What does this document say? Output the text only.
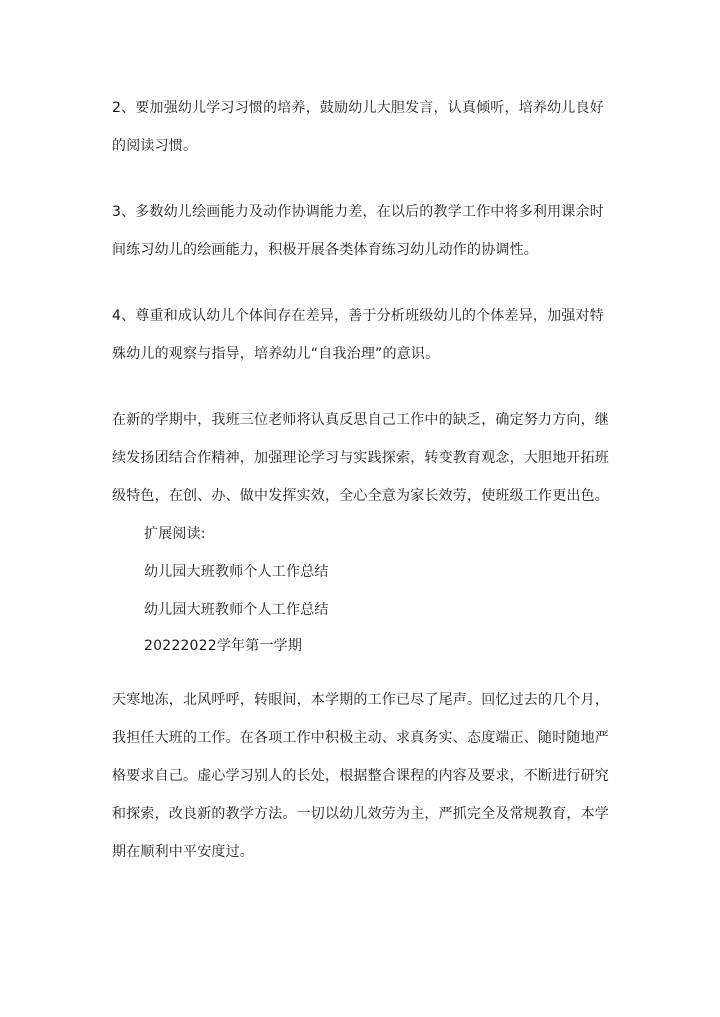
2、要加强幼儿学习习惯的培养，鼓励幼儿大胆发言，认真倾听，培养幼儿良好
的阅读习惯。
3、多数幼儿绘画能力及动作协调能力差，在以后的教学工作中将多利用课余时
间练习幼儿的绘画能力，积极开展各类体育练习幼儿动作的协调性。
4、尊重和成认幼儿个体间存在差异，善于分析班级幼儿的个体差异，加强对特
殊幼儿的观察与指导，培养幼儿“自我治理”的意识。
在新的学期中，我班三位老师将认真反思自己工作中的缺乏，确定努力方向，继
续发扬团结合作精神，加强理论学习与实践探索，转变教育观念，大胆地开拓班
级特色，在创、办、做中发挥实效，全心全意为家长效劳，使班级工作更出色。
扩展阅读:
幼儿园大班教师个人工作总结
幼儿园大班教师个人工作总结
20222022学年第一学期
天寒地冻，北风呼呼，转眼间，本学期的工作已尽了尾声。回忆过去的几个月，
我担任大班的工作。在各项工作中积极主动、求真务实、态度端正、随时随地严
格要求自己。虚心学习别人的长处，根据整合课程的内容及要求，不断进行研究
和探索，改良新的教学方法。一切以幼儿效劳为主，严抓完全及常规教育，本学
期在顺利中平安度过。
